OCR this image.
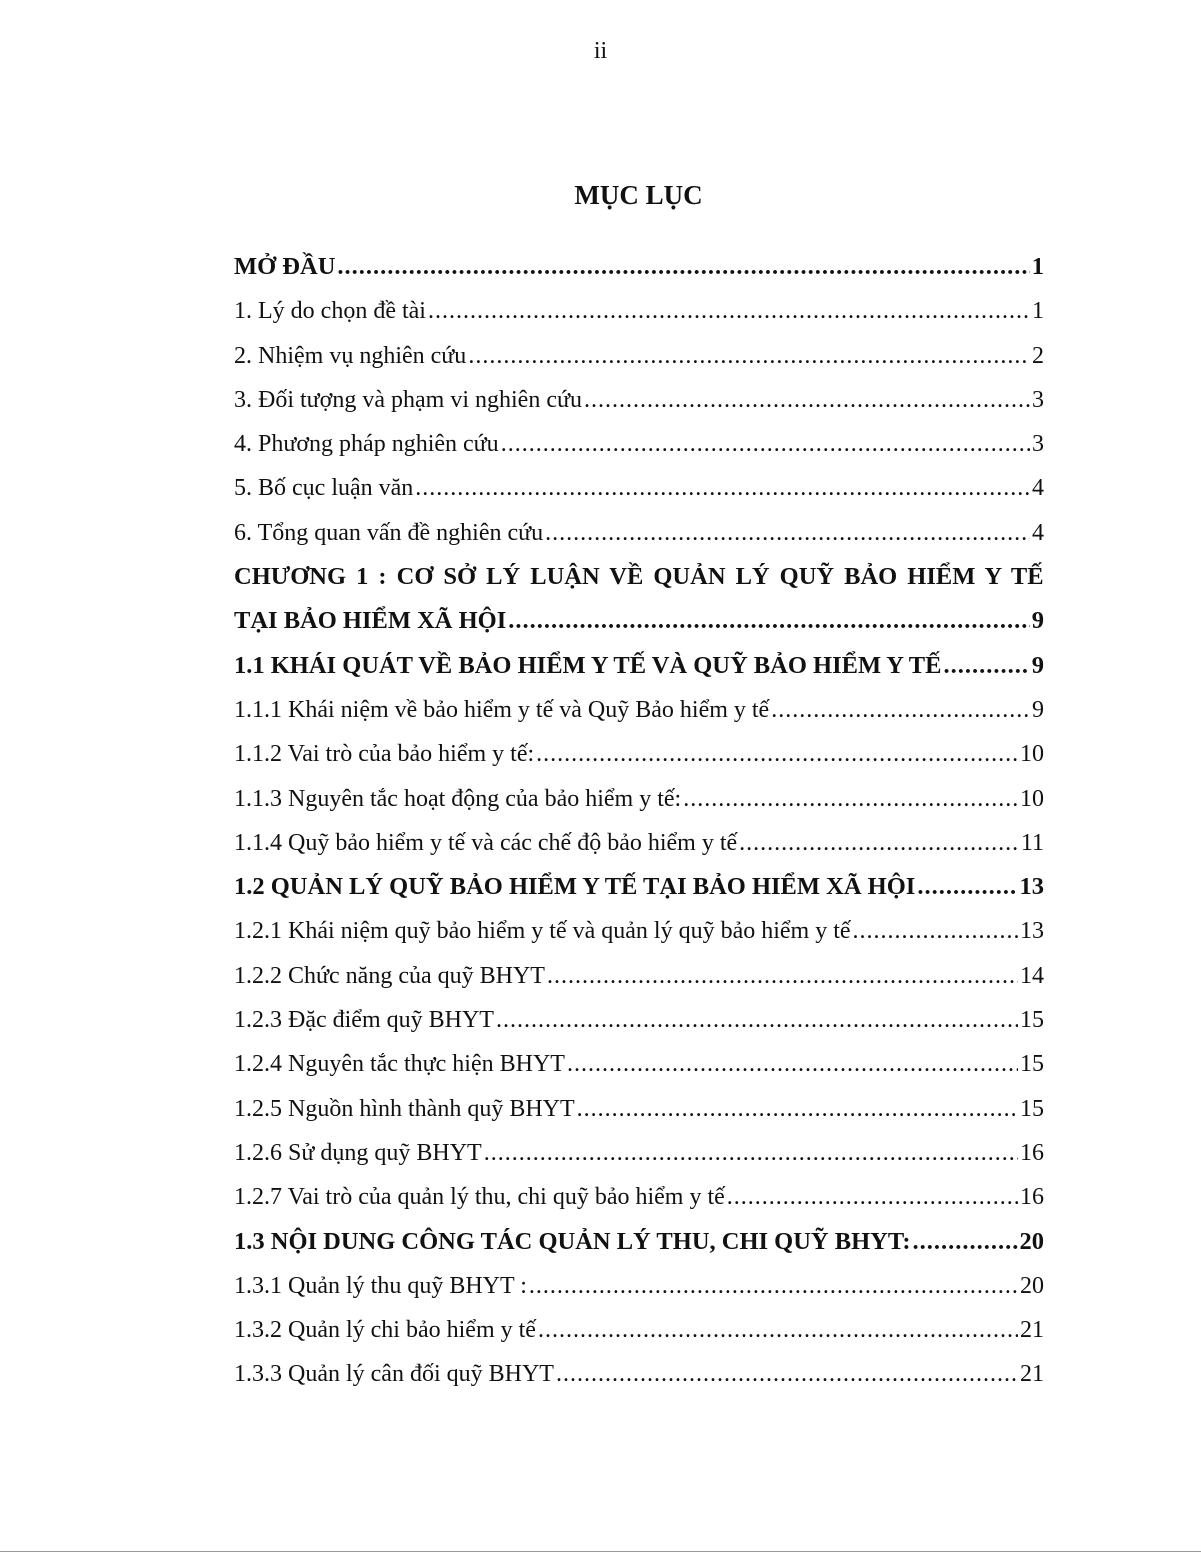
ii
MỤC LỤC
MỞ ĐẦU .....	1
1. Lý do chọn đề tài .....	1
2. Nhiệm vụ nghiên cứu .....	2
3. Đối tượng và phạm vi nghiên cứu .....	3
4. Phương pháp nghiên cứu .....	3
5. Bố cục luận văn .....	4
6. Tổng quan vấn đề nghiên cứu .....	4
CHƯƠNG 1 : CƠ SỞ LÝ LUẬN VỀ QUẢN LÝ QUỸ BẢO HIỂM Y TẾ
TẠI BẢO HIỂM XÃ HỘI .....	9
1.1 KHÁI QUÁT VỀ BẢO HIỂM Y TẾ VÀ QUỸ BẢO HIỂM Y TẾ .....	9
1.1.1 Khái niệm về bảo hiểm y tế và Quỹ Bảo hiểm y tế .....	9
1.1.2 Vai trò của bảo hiểm y tế: .....	10
1.1.3 Nguyên tắc hoạt động của bảo hiểm y tế: .....	10
1.1.4 Quỹ bảo hiểm y tế và các chế độ bảo hiểm y tế .....	11
1.2 QUẢN LÝ QUỸ BẢO HIỂM Y TẾ TẠI BẢO HIỂM XÃ HỘI .....	13
1.2.1 Khái niệm quỹ bảo hiểm y tế và quản lý quỹ bảo hiểm y tế .....	13
1.2.2 Chức năng của quỹ BHYT .....	14
1.2.3 Đặc điểm quỹ BHYT .....	15
1.2.4 Nguyên tắc thực hiện BHYT .....	15
1.2.5 Nguồn hình thành quỹ BHYT .....	15
1.2.6 Sử dụng quỹ BHYT .....	16
1.2.7 Vai trò của quản lý thu, chi quỹ bảo hiểm y tế .....	16
1.3 NỘI DUNG CÔNG TÁC QUẢN LÝ THU, CHI QUỸ BHYT: .....	20
1.3.1 Quản lý thu quỹ BHYT : .....	20
1.3.2 Quản lý chi bảo hiểm y tế .....	21
1.3.3 Quản lý cân đối quỹ BHYT .....	21
